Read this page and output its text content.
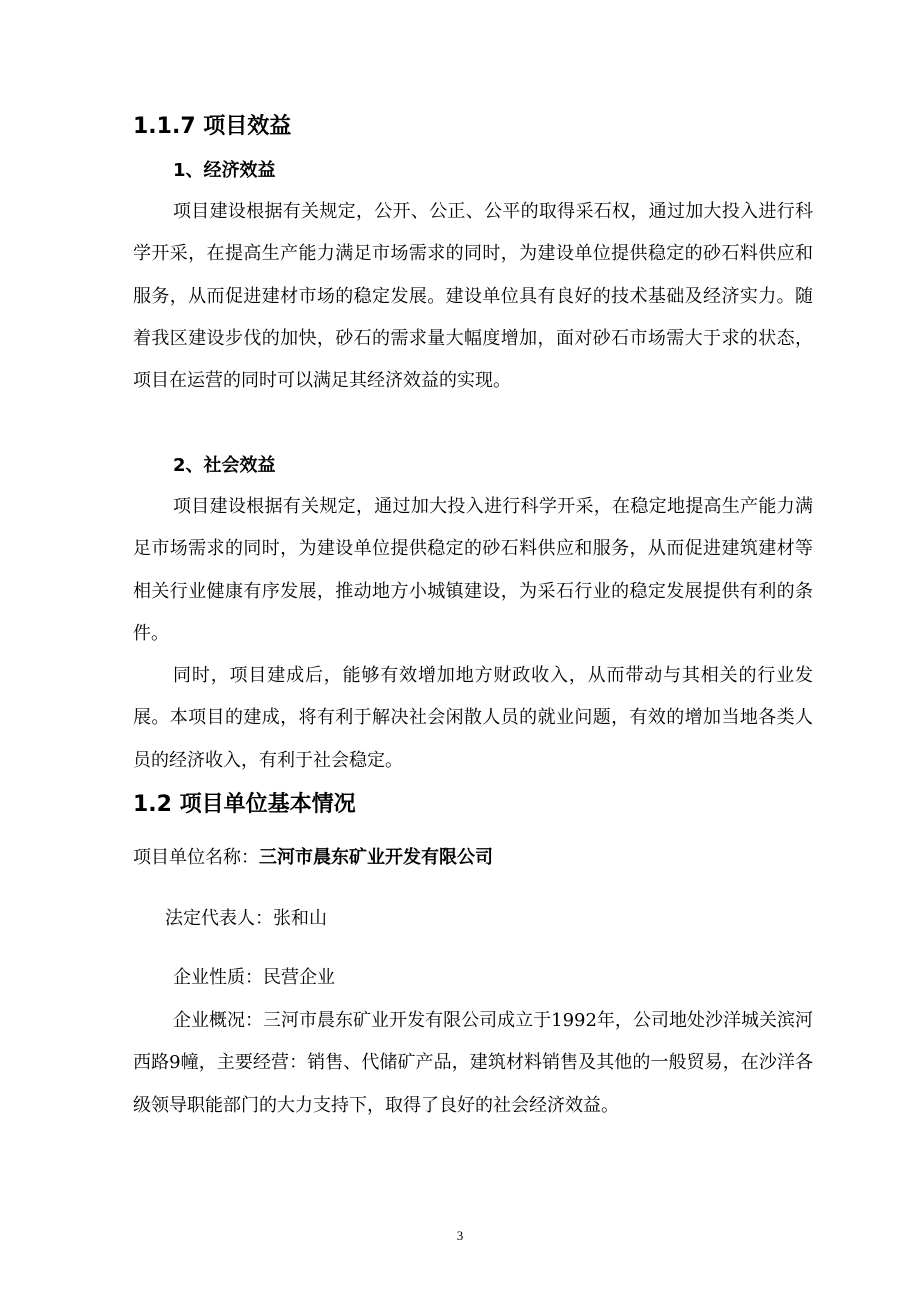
1.1.7 项目效益
1、经济效益
项目建设根据有关规定，公开、公正、公平的取得采石权，通过加大投入进行科学开采，在提高生产能力满足市场需求的同时，为建设单位提供稳定的砂石料供应和服务，从而促进建材市场的稳定发展。建设单位具有良好的技术基础及经济实力。随着我区建设步伐的加快，砂石的需求量大幅度增加，面对砂石市场需大于求的状态，项目在运营的同时可以满足其经济效益的实现。
2、社会效益
项目建设根据有关规定，通过加大投入进行科学开采，在稳定地提高生产能力满足市场需求的同时，为建设单位提供稳定的砂石料供应和服务，从而促进建筑建材等相关行业健康有序发展，推动地方小城镇建设，为采石行业的稳定发展提供有利的条件。
同时，项目建成后，能够有效增加地方财政收入，从而带动与其相关的行业发展。本项目的建成，将有利于解决社会闲散人员的就业问题，有效的增加当地各类人员的经济收入，有利于社会稳定。
1.2 项目单位基本情况
项目单位名称：三河市晨东矿业开发有限公司
法定代表人：张和山
企业性质：民营企业
企业概况：三河市晨东矿业开发有限公司成立于1992年，公司地处沙洋城关滨河西路9幢，主要经营：销售、代储矿产品，建筑材料销售及其他的一般贸易，在沙洋各级领导职能部门的大力支持下，取得了良好的社会经济效益。
3
